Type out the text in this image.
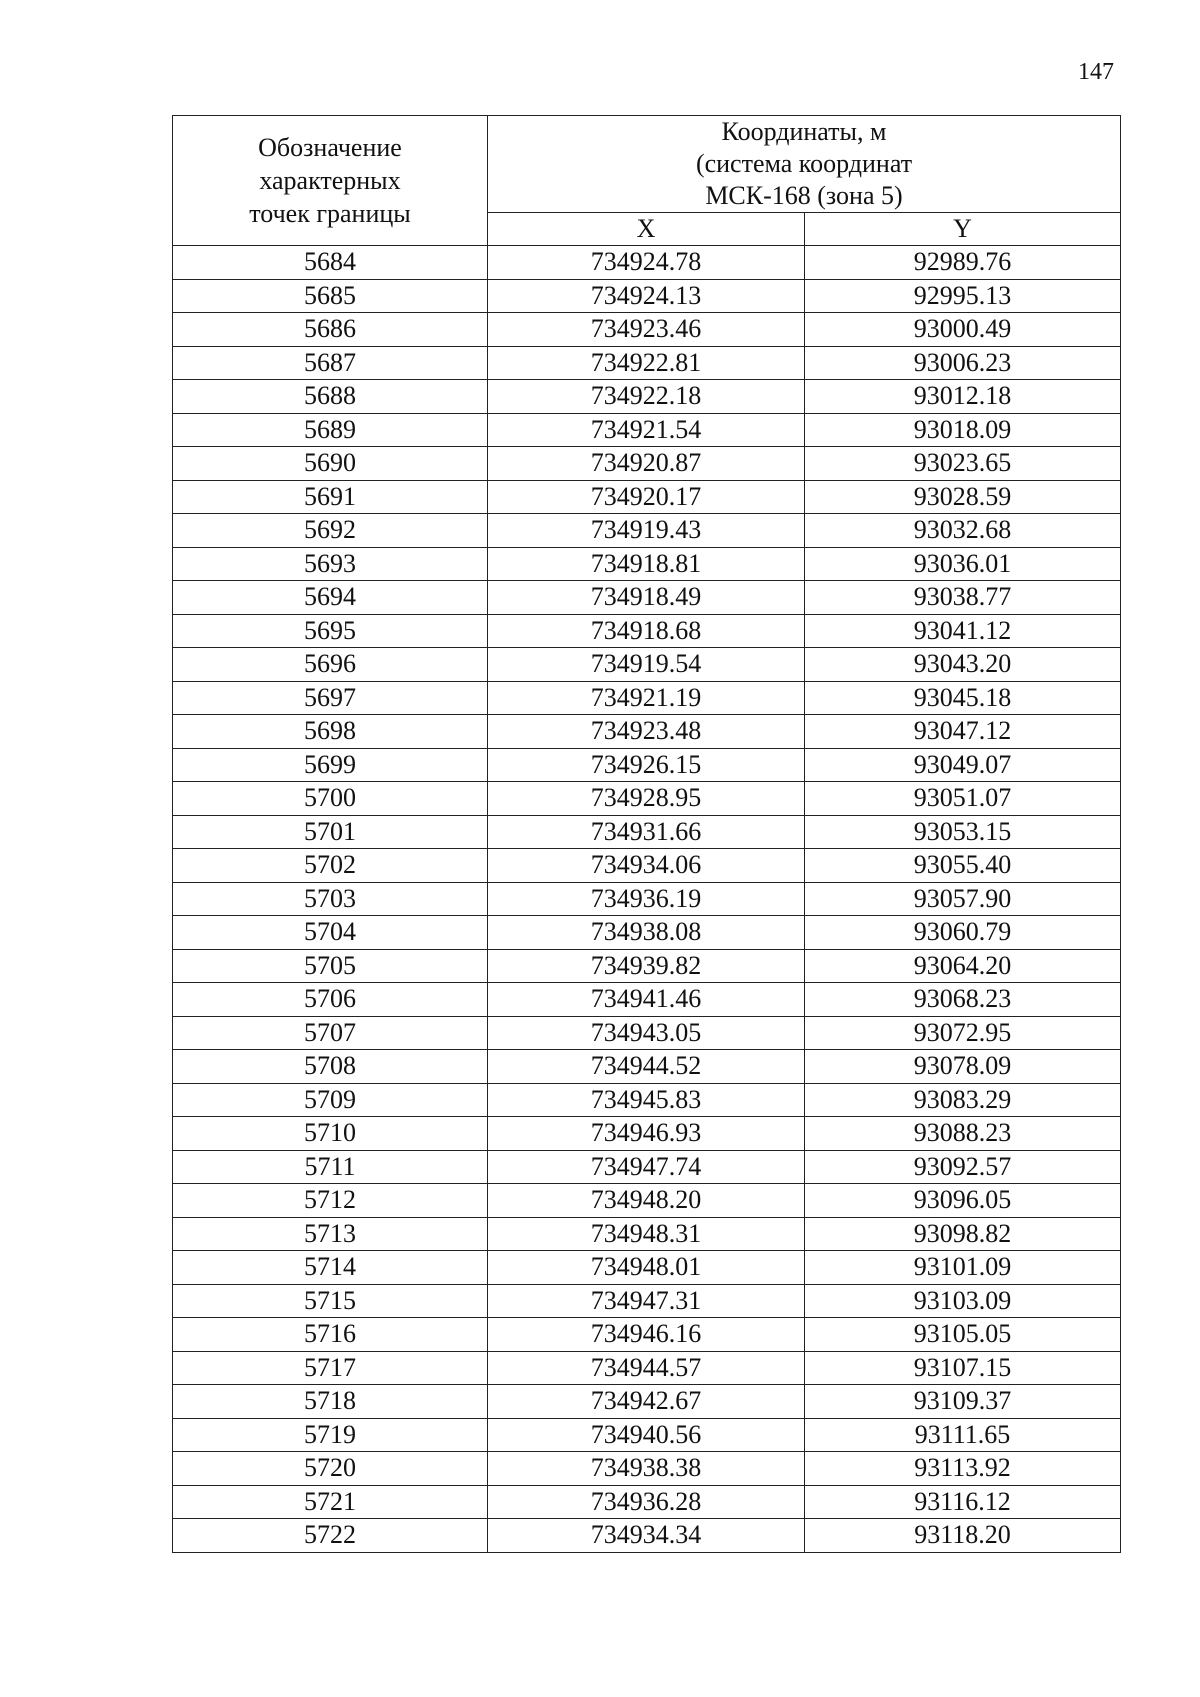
147
Обозначение
характерных
точек границы	Координаты, м
(система координат
МСК-168 (зона 5)	

	X	Y
5684	734924.78	92989.76
5685	734924.13	92995.13
5686	734923.46	93000.49
5687	734922.81	93006.23
5688	734922.18	93012.18
5689	734921.54	93018.09
5690	734920.87	93023.65
5691	734920.17	93028.59
5692	734919.43	93032.68
5693	734918.81	93036.01
5694	734918.49	93038.77
5695	734918.68	93041.12
5696	734919.54	93043.20
5697	734921.19	93045.18
5698	734923.48	93047.12
5699	734926.15	93049.07
5700	734928.95	93051.07
5701	734931.66	93053.15
5702	734934.06	93055.40
5703	734936.19	93057.90
5704	734938.08	93060.79
5705	734939.82	93064.20
5706	734941.46	93068.23
5707	734943.05	93072.95
5708	734944.52	93078.09
5709	734945.83	93083.29
5710	734946.93	93088.23
5711	734947.74	93092.57
5712	734948.20	93096.05
5713	734948.31	93098.82
5714	734948.01	93101.09
5715	734947.31	93103.09
5716	734946.16	93105.05
5717	734944.57	93107.15
5718	734942.67	93109.37
5719	734940.56	93111.65
5720	734938.38	93113.92
5721	734936.28	93116.12
5722	734934.34	93118.20
